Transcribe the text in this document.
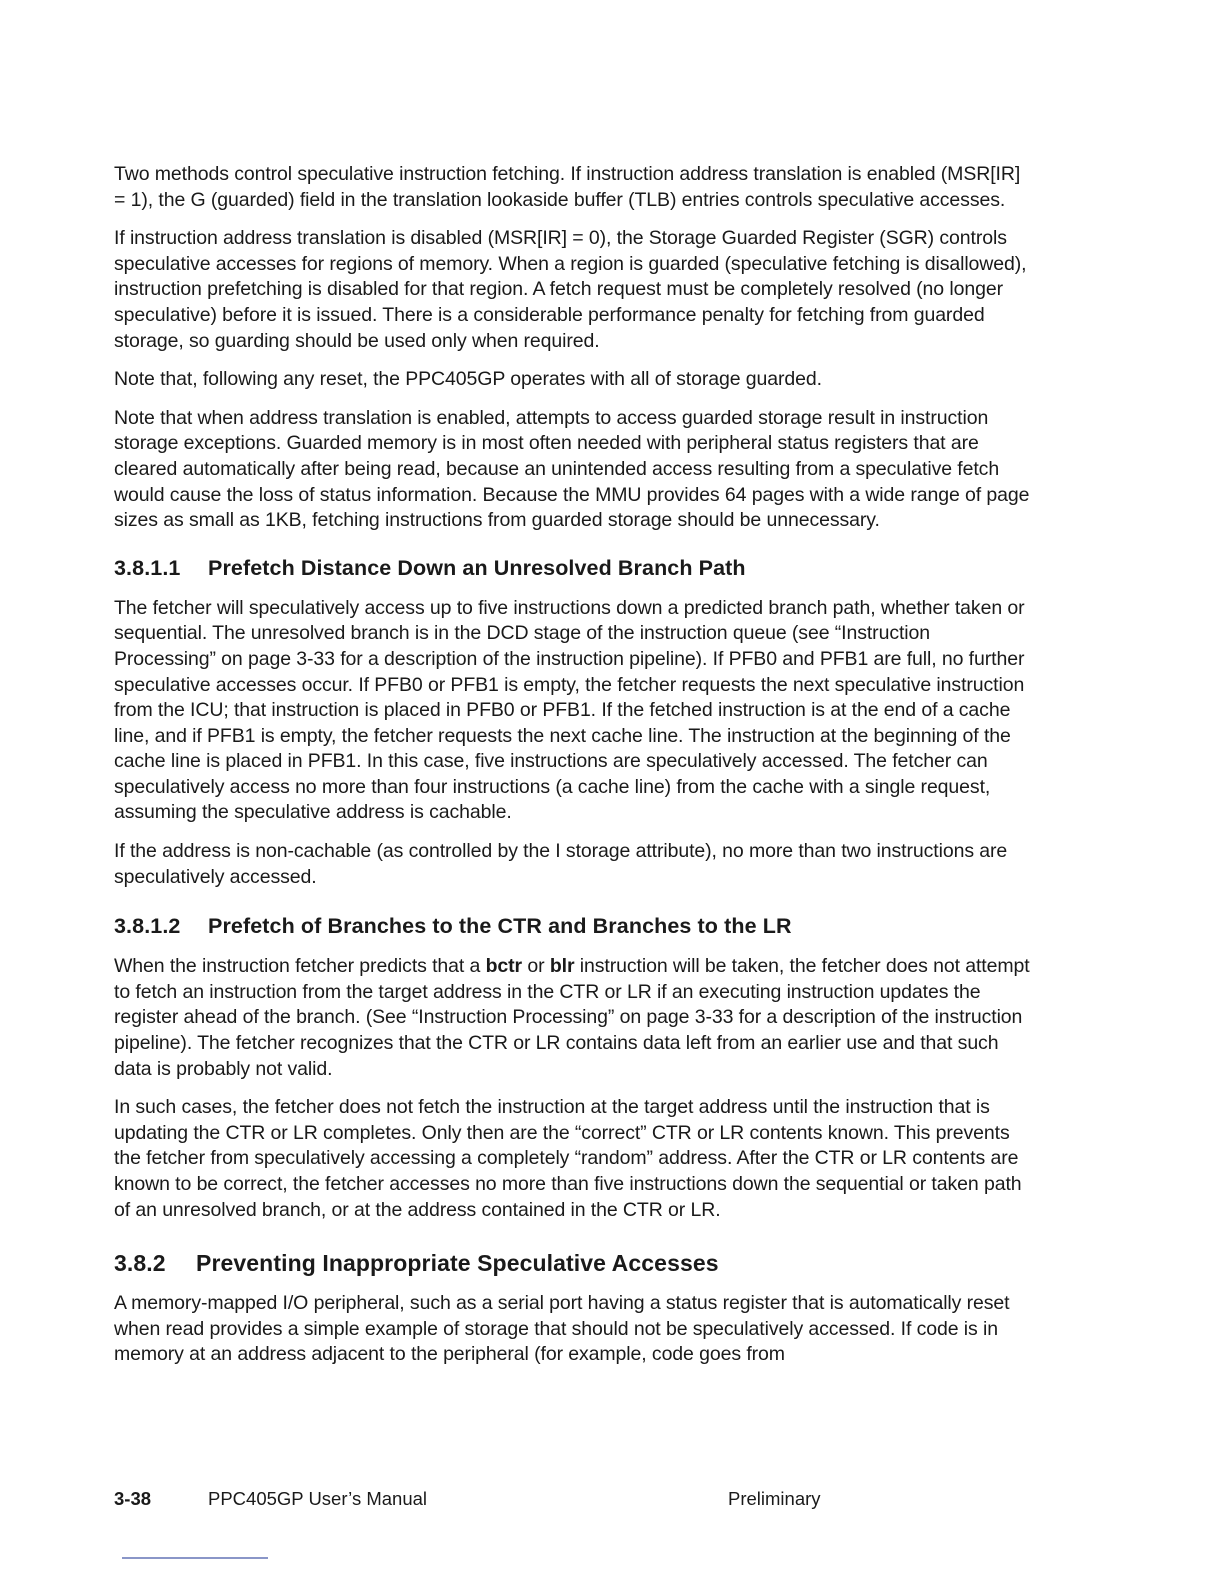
Two methods control speculative instruction fetching. If instruction address translation is enabled (MSR[IR] = 1), the G (guarded) field in the translation lookaside buffer (TLB) entries controls speculative accesses.

If instruction address translation is disabled (MSR[IR] = 0), the Storage Guarded Register (SGR) controls speculative accesses for regions of memory. When a region is guarded (speculative fetching is disallowed), instruction prefetching is disabled for that region. A fetch request must be completely resolved (no longer speculative) before it is issued. There is a considerable performance penalty for fetching from guarded storage, so guarding should be used only when required.

Note that, following any reset, the PPC405GP operates with all of storage guarded.

Note that when address translation is enabled, attempts to access guarded storage result in instruction storage exceptions. Guarded memory is in most often needed with peripheral status registers that are cleared automatically after being read, because an unintended access resulting from a speculative fetch would cause the loss of status information. Because the MMU provides 64 pages with a wide range of page sizes as small as 1KB, fetching instructions from guarded storage should be unnecessary.

3.8.1.1 Prefetch Distance Down an Unresolved Branch Path

The fetcher will speculatively access up to five instructions down a predicted branch path, whether taken or sequential. The unresolved branch is in the DCD stage of the instruction queue (see “Instruction Processing” on page 3-33 for a description of the instruction pipeline). If PFB0 and PFB1 are full, no further speculative accesses occur. If PFB0 or PFB1 is empty, the fetcher requests the next speculative instruction from the ICU; that instruction is placed in PFB0 or PFB1. If the fetched instruction is at the end of a cache line, and if PFB1 is empty, the fetcher requests the next cache line. The instruction at the beginning of the cache line is placed in PFB1. In this case, five instructions are speculatively accessed. The fetcher can speculatively access no more than four instructions (a cache line) from the cache with a single request, assuming the speculative address is cachable.

If the address is non-cachable (as controlled by the I storage attribute), no more than two instructions are speculatively accessed.

3.8.1.2 Prefetch of Branches to the CTR and Branches to the LR

When the instruction fetcher predicts that a bctr or blr instruction will be taken, the fetcher does not attempt to fetch an instruction from the target address in the CTR or LR if an executing instruction updates the register ahead of the branch. (See “Instruction Processing” on page 3-33 for a description of the instruction pipeline). The fetcher recognizes that the CTR or LR contains data left from an earlier use and that such data is probably not valid.

In such cases, the fetcher does not fetch the instruction at the target address until the instruction that is updating the CTR or LR completes. Only then are the “correct” CTR or LR contents known. This prevents the fetcher from speculatively accessing a completely “random” address. After the CTR or LR contents are known to be correct, the fetcher accesses no more than five instructions down the sequential or taken path of an unresolved branch, or at the address contained in the CTR or LR.

3.8.2 Preventing Inappropriate Speculative Accesses

A memory-mapped I/O peripheral, such as a serial port having a status register that is automatically reset when read provides a simple example of storage that should not be speculatively accessed. If code is in memory at an address adjacent to the peripheral (for example, code goes from

3-38	PPC405GP User’s Manual	Preliminary
